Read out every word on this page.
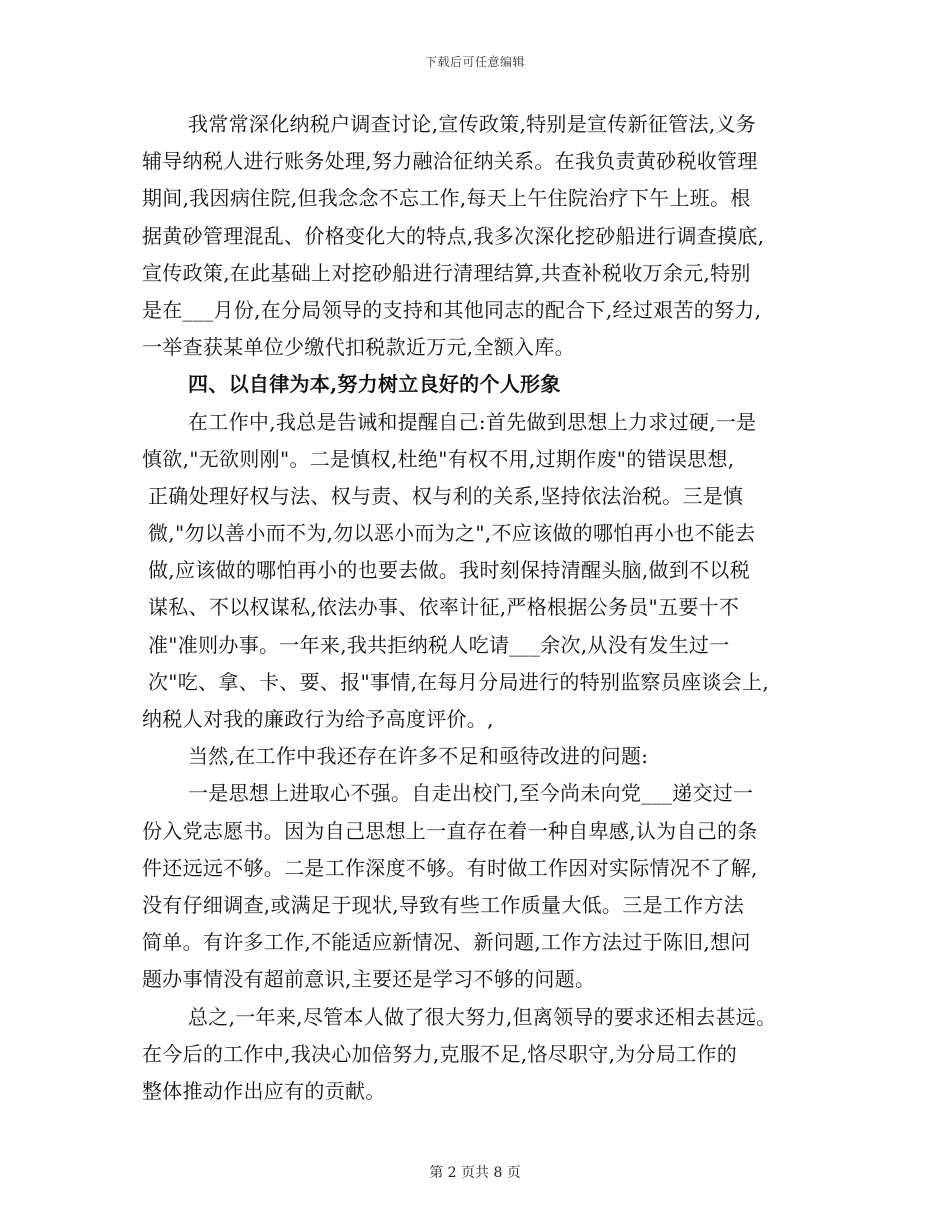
下载后可任意编辑
我常常深化纳税户调查讨论,宣传政策,特别是宣传新征管法,义务
辅导纳税人进行账务处理,努力融洽征纳关系。在我负责黄砂税收管理
期间,我因病住院,但我念念不忘工作,每天上午住院治疗下午上班。根
据黄砂管理混乱、价格变化大的特点,我多次深化挖砂船进行调查摸底,
宣传政策,在此基础上对挖砂船进行清理结算,共查补税收万余元,特别
是在___月份,在分局领导的支持和其他同志的配合下,经过艰苦的努力,
一举查获某单位少缴代扣税款近万元,全额入库。
四、以自律为本,努力树立良好的个人形象
在工作中,我总是告诫和提醒自己:首先做到思想上力求过硬,一是
慎欲,"无欲则刚"。二是慎权,杜绝"有权不用,过期作废"的错误思想,
正确处理好权与法、权与责、权与利的关系,坚持依法治税。三是慎
微,"勿以善小而不为,勿以恶小而为之",不应该做的哪怕再小也不能去
做,应该做的哪怕再小的也要去做。我时刻保持清醒头脑,做到不以税
谋私、不以权谋私,依法办事、依率计征,严格根据公务员"五要十不
准"准则办事。一年来,我共拒纳税人吃请___余次,从没有发生过一
次"吃、拿、卡、要、报"事情,在每月分局进行的特别监察员座谈会上,
纳税人对我的廉政行为给予高度评价。,
当然,在工作中我还存在许多不足和亟待改进的问题:
一是思想上进取心不强。自走出校门,至今尚未向党___递交过一
份入党志愿书。因为自己思想上一直存在着一种自卑感,认为自己的条
件还远远不够。二是工作深度不够。有时做工作因对实际情况不了解,
没有仔细调查,或满足于现状,导致有些工作质量大低。三是工作方法
简单。有许多工作,不能适应新情况、新问题,工作方法过于陈旧,想问
题办事情没有超前意识,主要还是学习不够的问题。
总之,一年来,尽管本人做了很大努力,但离领导的要求还相去甚远。
在今后的工作中,我决心加倍努力,克服不足,恪尽职守,为分局工作的
整体推动作出应有的贡献。
第 2 页共 8 页
